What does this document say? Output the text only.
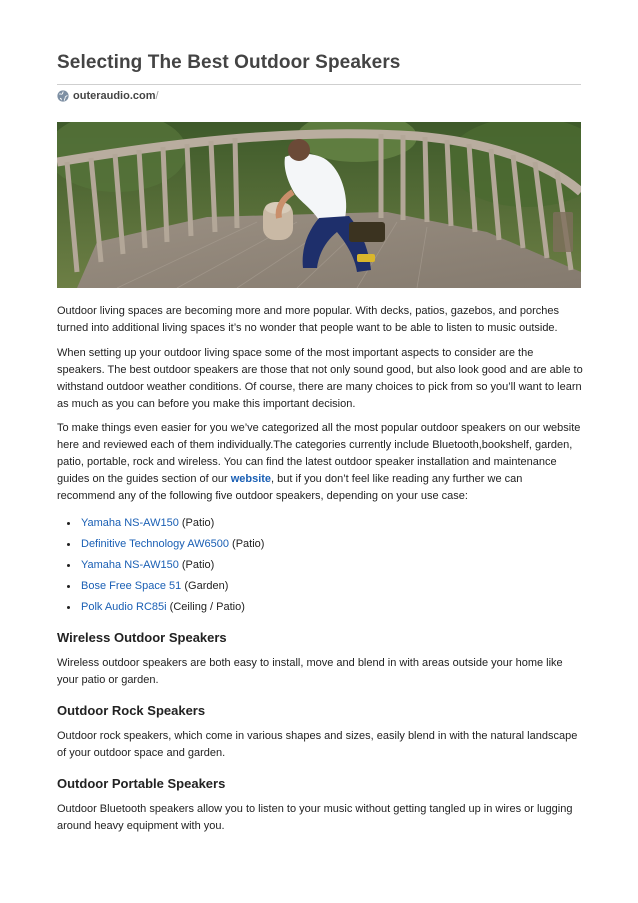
Selecting The Best Outdoor Speakers
outeraudio.com /

Outdoor living spaces are becoming more and more popular. With decks, patios, gazebos, and porches turned into additional living spaces it’s no wonder that people want to be able to listen to music outside.

When setting up your outdoor living space some of the most important aspects to consider are the speakers. The best outdoor speakers are those that not only sound good, but also look good and are able to withstand outdoor weather conditions. Of course, there are many choices to pick from so you’ll want to learn as much as you can before you make this important decision.

To make things even easier for you we’ve categorized all the most popular outdoor speakers on our website here and reviewed each of them individually.The categories currently include Bluetooth,bookshelf, garden, patio, portable, rock and wireless. You can find the latest outdoor speaker installation and maintenance guides on the guides section of our website, but if you don’t feel like reading any further we can recommend any of the following five outdoor speakers, depending on your use case:

• Yamaha NS-AW150 (Patio)
• Definitive Technology AW6500 (Patio)
• Yamaha NS-AW150 (Patio)
• Bose Free Space 51 (Garden)
• Polk Audio RC85i (Ceiling / Patio)
Wireless Outdoor Speakers

Wireless outdoor speakers are both easy to install, move and blend in with areas outside your home like your patio or garden.

Outdoor Rock Speakers

Outdoor rock speakers, which come in various shapes and sizes, easily blend in with the natural landscape of your outdoor space and garden.

Outdoor Portable Speakers

Outdoor Bluetooth speakers allow you to listen to your music without getting tangled up in wires or lugging around heavy equipment with you.
